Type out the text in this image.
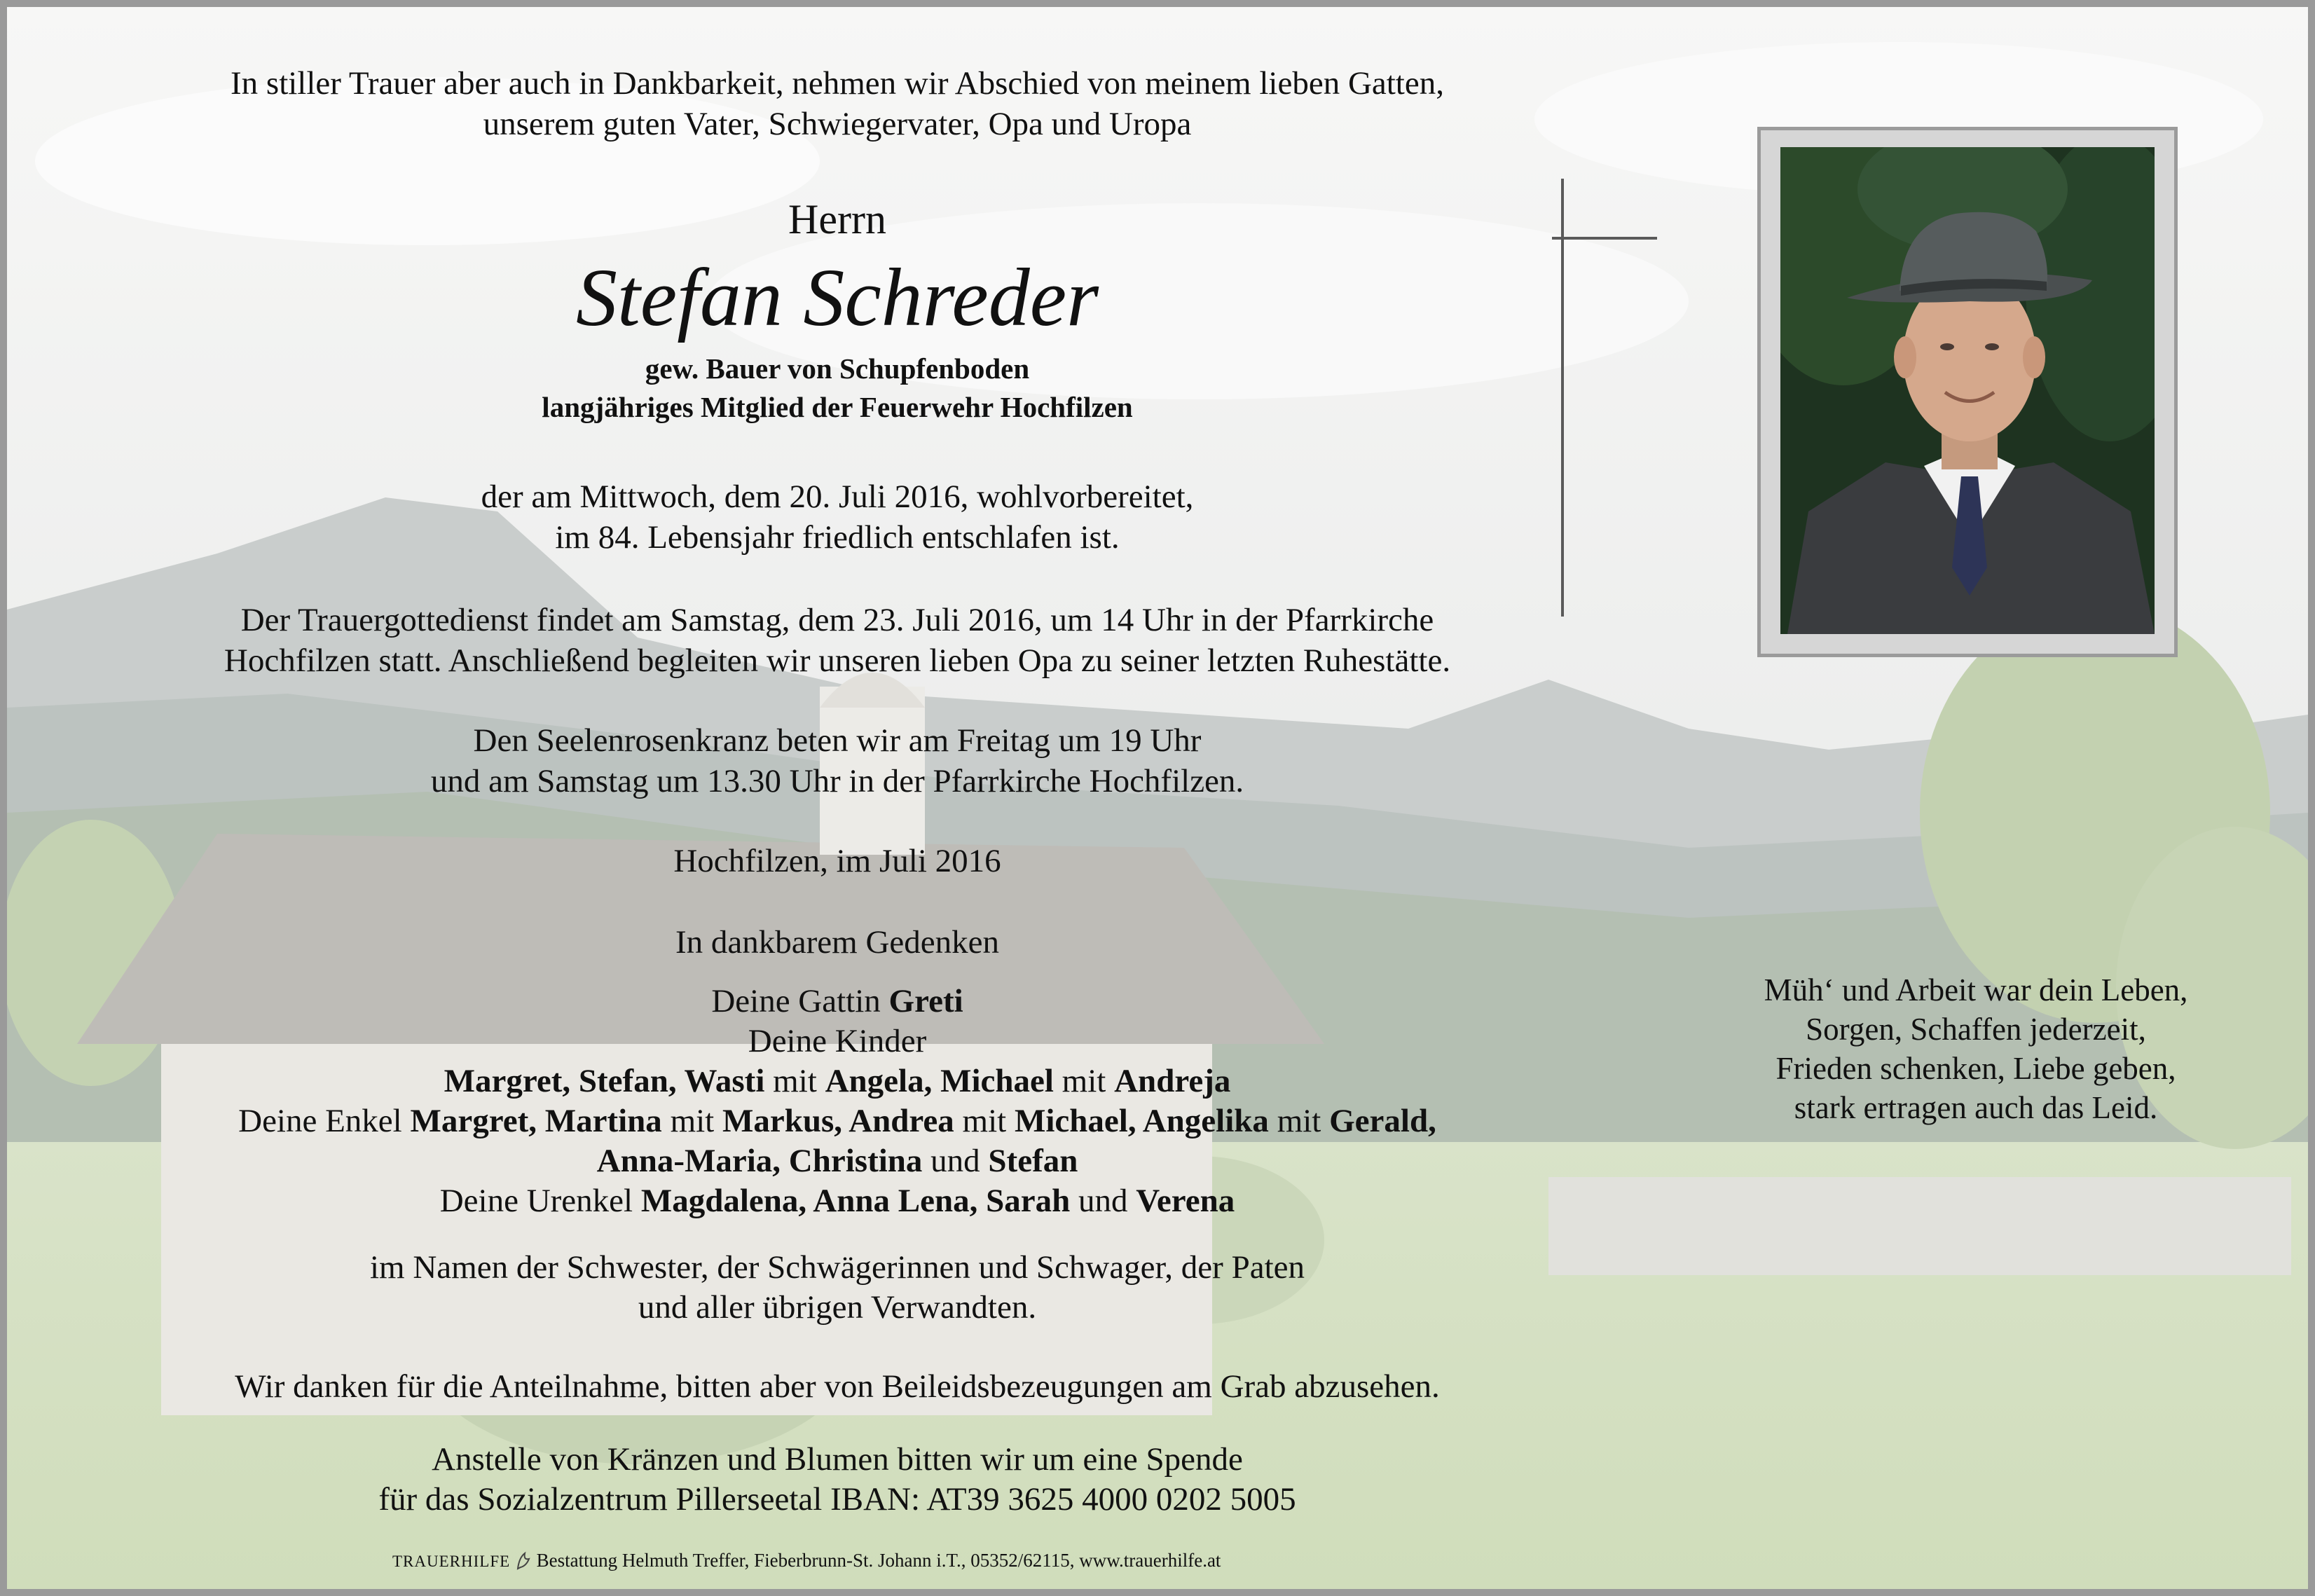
In stiller Trauer aber auch in Dankbarkeit, nehmen wir Abschied von meinem lieben Gatten,
unserem guten Vater, Schwiegervater, Opa und Uropa
Herrn
Stefan Schreder
gew. Bauer von Schupfenboden
langjähriges Mitglied der Feuerwehr Hochfilzen
der am Mittwoch, dem 20. Juli 2016, wohlvorbereitet,
im 84. Lebensjahr friedlich entschlafen ist.
Der Trauergottedienst findet am Samstag, dem 23. Juli 2016, um 14 Uhr in der Pfarrkirche
Hochfilzen statt. Anschließend begleiten wir unseren lieben Opa zu seiner letzten Ruhestätte.
Den Seelenrosenkranz beten wir am Freitag um 19 Uhr
und am Samstag um 13.30 Uhr in der Pfarrkirche Hochfilzen.
Hochfilzen, im Juli 2016
In dankbarem Gedenken
Deine Gattin Greti
Deine Kinder
Margret, Stefan, Wasti mit Angela, Michael mit Andreja
Deine Enkel Margret, Martina mit Markus, Andrea mit Michael, Angelika mit Gerald,
Anna-Maria, Christina und Stefan
Deine Urenkel Magdalena, Anna Lena, Sarah und Verena
im Namen der Schwester, der Schwägerinnen und Schwager, der Paten
und aller übrigen Verwandten.
Wir danken für die Anteilnahme, bitten aber von Beileidsbezeugungen am Grab abzusehen.
Anstelle von Kränzen und Blumen bitten wir um eine Spende
für das Sozialzentrum Pillerseetal IBAN: AT39 3625 4000 0202 5005
Müh‘ und Arbeit war dein Leben,
Sorgen, Schaffen jederzeit,
Frieden schenken, Liebe geben,
stark ertragen auch das Leid.
TRAUERHILFE Bestattung Helmuth Treffer, Fieberbrunn-St. Johann i.T., 05352/62115, www.trauerhilfe.at
